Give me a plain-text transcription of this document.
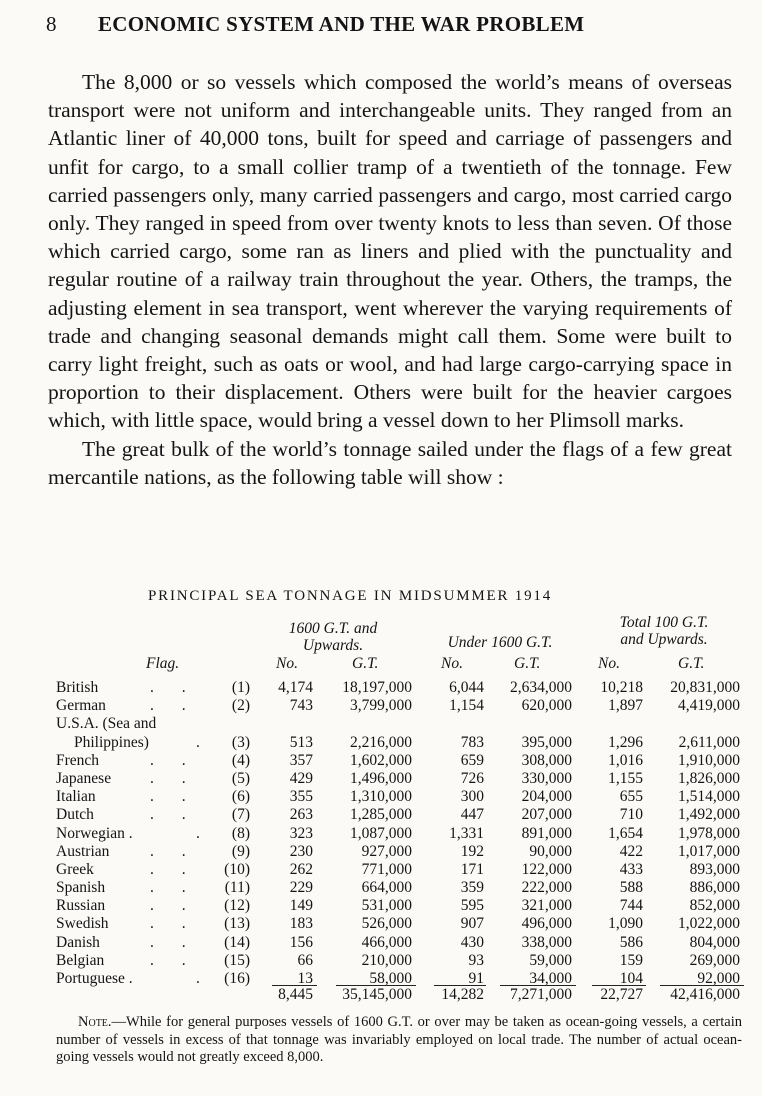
8 ECONOMIC SYSTEM AND THE WAR PROBLEM

The 8,000 or so vessels which composed the world’s means of overseas transport were not uniform and interchangeable units. They ranged from an Atlantic liner of 40,000 tons, built for speed and carriage of passengers and unfit for cargo, to a small collier tramp of a twentieth of the tonnage. Few carried passengers only, many carried passengers and cargo, most carried cargo only. They ranged in speed from over twenty knots to less than seven. Of those which carried cargo, some ran as liners and plied with the punctuality and regular routine of a railway train throughout the year. Others, the tramps, the adjusting element in sea transport, went wherever the varying requirements of trade and changing seasonal demands might call them. Some were built to carry light freight, such as oats or wool, and had large cargo-carrying space in proportion to their displacement. Others were built for the heavier cargoes which, with little space, would bring a vessel down to her Plimsoll marks.

The great bulk of the world’s tonnage sailed under the flags of a few great mercantile nations, as the following table will show :

PRINCIPAL SEA TONNAGE IN MIDSUMMER 1914
1600 G.T. and
Upwards.	Under 1600 G.T.
Total 100 G.T.
and Upwards.
Flag.	No.	G.T.	No.	G.T.	No.	G.T.
British	. .	(1) 4,174 18,197,000 6,044 2,634,000 10,218 20,831,000
German	. .	(2)	743 3,799,000 1,154 620,000 1,897 4,419,000
U.S.A. (Sea and
Philippines)	.	(3)	513 2,216,000	783 395,000 1,296 2,611,000
French	. .	(4)	357 1,602,000	659 308,000 1,016 1,910,000
Japanese	. .	(5)	429 1,496,000	726 330,000 1,155 1,826,000
Italian	. .	(6)	355 1,310,000	300 204,000	655 1,514,000
Dutch	. .	(7)	263 1,285,000	447 207,000	710 1,492,000
Norwegian .	.	(8)	323 1,087,000 1,331 891,000 1,654 1,978,000
Austrian	. .	(9)	230	927,000	192	90,000	422 1,017,000
Greek	. .	(10)	262	771,000	171 122,000	433	893,000
Spanish	. .	(11)	229	664,000	359 222,000	588	886,000
Russian	. .	(12)	149	531,000	595 321,000	744	852,000
Swedish	. .	(13)	183	526,000	907 496,000 1,090 1,022,000
Danish	. .	(14)	156	466,000	430 338,000	586	804,000
Belgian	. .	(15)	66	210,000	93	59,000	159	269,000
Portuguese .	. (16)	13	58,000	91	34,000	104	92,000
8,445 35,145,000 14,282 7,271,000 22,727 42,416,000
Note.—While for general purposes vessels of 1600 G.T. or over may be taken as ocean-going vessels, a certain number of vessels in excess of that tonnage was invariably employed on local trade. The number of actual ocean-going vessels would not greatly exceed 8,000.
